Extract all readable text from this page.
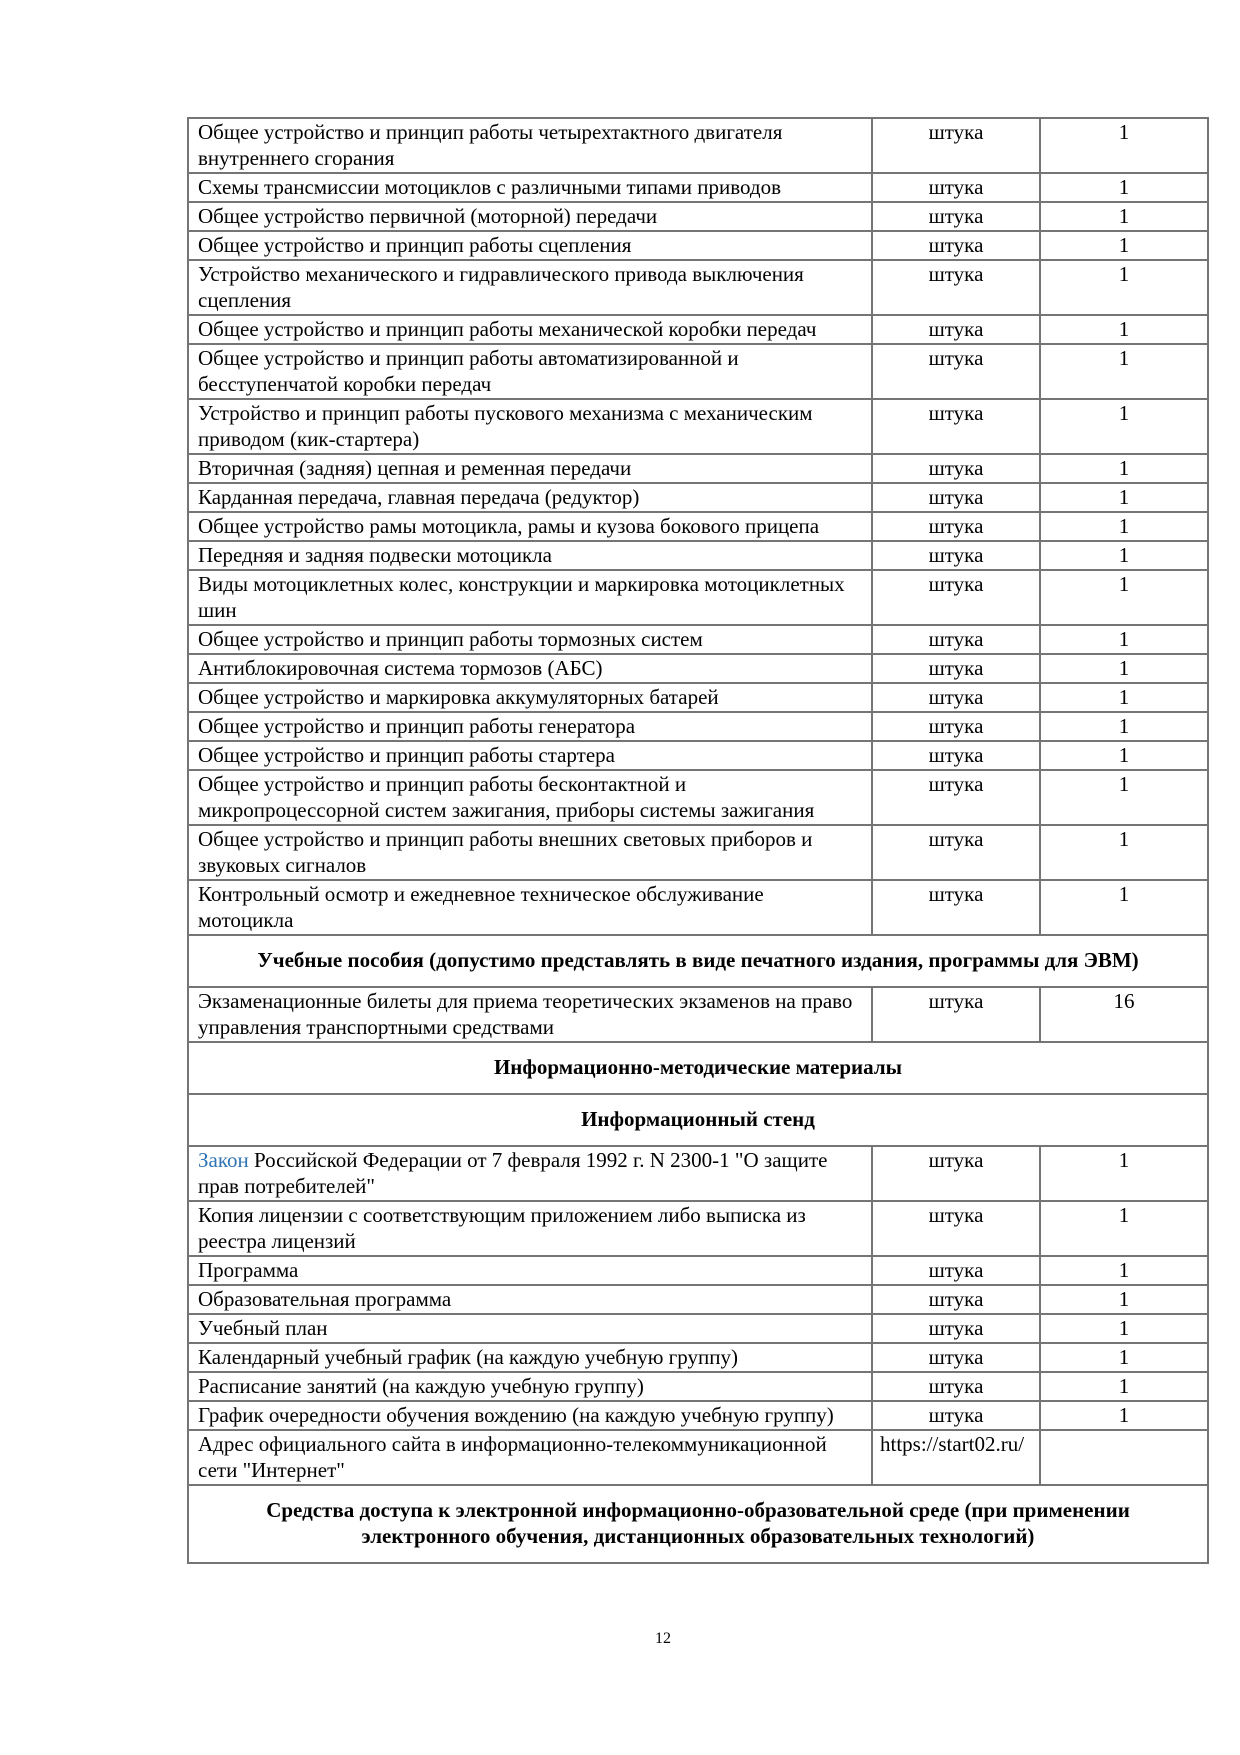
Общее устройство и принцип работы четырехтактного двигателя внутреннего сгорания	штука	1
Схемы трансмиссии мотоциклов с различными типами приводов	штука	1
Общее устройство первичной (моторной) передачи	штука	1
Общее устройство и принцип работы сцепления	штука	1
Устройство механического и гидравлического привода выключения сцепления	штука	1
Общее устройство и принцип работы механической коробки передач	штука	1
Общее устройство и принцип работы автоматизированной и бесступенчатой коробки передач	штука	1
Устройство и принцип работы пускового механизма с механическим приводом (кик-стартера)	штука	1
Вторичная (задняя) цепная и ременная передачи	штука	1
Карданная передача, главная передача (редуктор)	штука	1
Общее устройство рамы мотоцикла, рамы и кузова бокового прицепа	штука	1
Передняя и задняя подвески мотоцикла	штука	1
Виды мотоциклетных колес, конструкции и маркировка мотоциклетных шин	штука	1
Общее устройство и принцип работы тормозных систем	штука	1
Антиблокировочная система тормозов (АБС)	штука	1
Общее устройство и маркировка аккумуляторных батарей	штука	1
Общее устройство и принцип работы генератора	штука	1
Общее устройство и принцип работы стартера	штука	1
Общее устройство и принцип работы бесконтактной и микропроцессорной систем зажигания, приборы системы зажигания	штука	1
Общее устройство и принцип работы внешних световых приборов и звуковых сигналов	штука	1
Контрольный осмотр и ежедневное техническое обслуживание мотоцикла	штука	1
Учебные пособия (допустимо представлять в виде печатного издания, программы для ЭВМ)		
Экзаменационные билеты для приема теоретических экзаменов на право управления транспортными средствами	штука	16
Информационно-методические материалы		
Информационный стенд		
Закон Российской Федерации от 7 февраля 1992 г. N 2300-1 "О защите прав потребителей"	штука	1
Копия лицензии с соответствующим приложением либо выписка из реестра лицензий	штука	1
Программа	штука	1
Образовательная программа	штука	1
Учебный план	штука	1
Календарный учебный график (на каждую учебную группу)	штука	1
Расписание занятий (на каждую учебную группу)	штука	1
График очередности обучения вождению (на каждую учебную группу)	штука	1
Адрес официального сайта в информационно-телекоммуникационной сети "Интернет"	https://start02.ru/	
Средства доступа к электронной информационно-образовательной среде (при применении электронного обучения, дистанционных образовательных технологий)		
12
